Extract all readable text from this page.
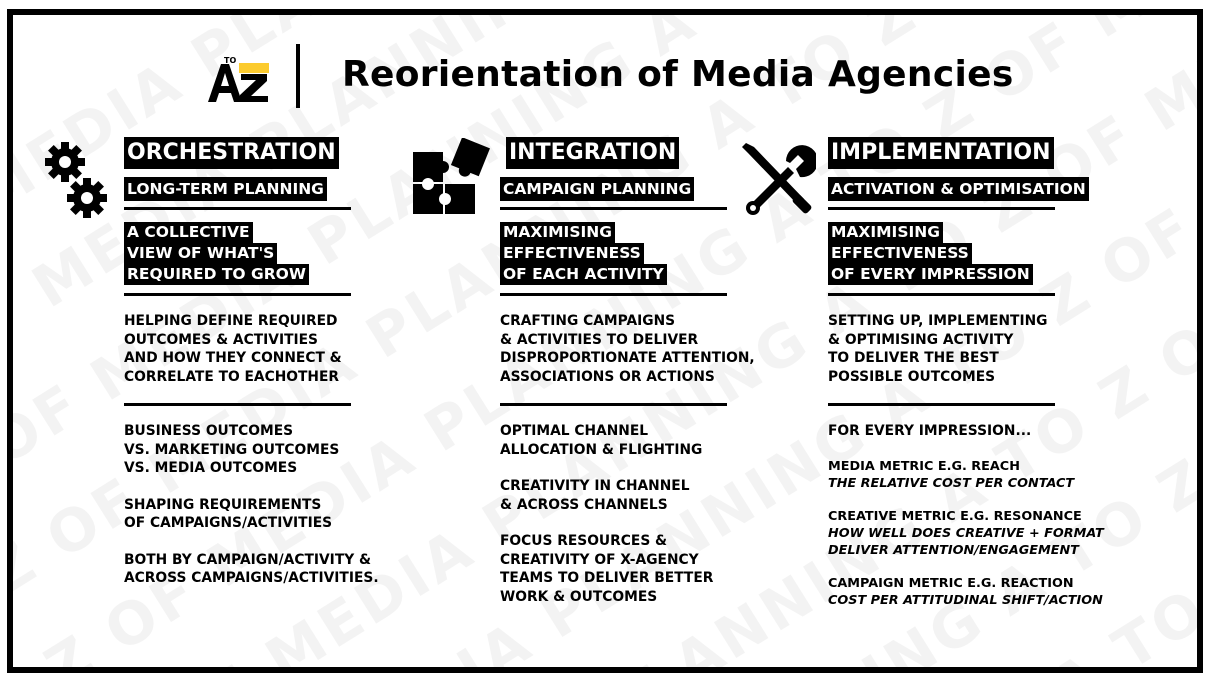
TO	Reorientation of Media Agencies
ORCHESTRATION
LONG-TERM PLANNING
A COLLECTIVE
VIEW OF WHAT'S
REQUIRED TO GROW

HELPING DEFINE REQUIRED

OUTCOMES & ACTIVITIES

AND HOW THEY CONNECT &

CORRELATE TO EACHOTHER

BUSINESS OUTCOMES

VS. MARKETING OUTCOMES

VS. MEDIA OUTCOMES

SHAPING REQUIREMENTS

OF CAMPAIGNS/ACTIVITIES

BOTH BY CAMPAIGN/ACTIVITY &

ACROSS CAMPAIGNS/ACTIVITIES.

INTEGRATION
CAMPAIGN PLANNING
MAXIMISING
EFFECTIVENESS
OF EACH ACTIVITY

CRAFTING CAMPAIGNS

& ACTIVITIES TO DELIVER

DISPROPORTIONATE ATTENTION,

ASSOCIATIONS OR ACTIONS

OPTIMAL CHANNEL

ALLOCATION & FLIGHTING

CREATIVITY IN CHANNEL

& ACROSS CHANNELS

FOCUS RESOURCES &

CREATIVITY OF X-AGENCY

TEAMS TO DELIVER BETTER

WORK & OUTCOMES

IMPLEMENTATION
ACTIVATION & OPTIMISATION
MAXIMISING
EFFECTIVENESS
OF EVERY IMPRESSION

SETTING UP, IMPLEMENTING

& OPTIMISING ACTIVITY

TO DELIVER THE BEST

POSSIBLE OUTCOMES

FOR EVERY IMPRESSION...

MEDIA METRIC E.G. REACH

THE RELATIVE COST PER CONTACT

CREATIVE METRIC E.G. RESONANCE

HOW WELL DOES CREATIVE + FORMAT

DELIVER ATTENTION/ENGAGEMENT

CAMPAIGN METRIC E.G. REACTION

COST PER ATTITUDINAL SHIFT/ACTION
